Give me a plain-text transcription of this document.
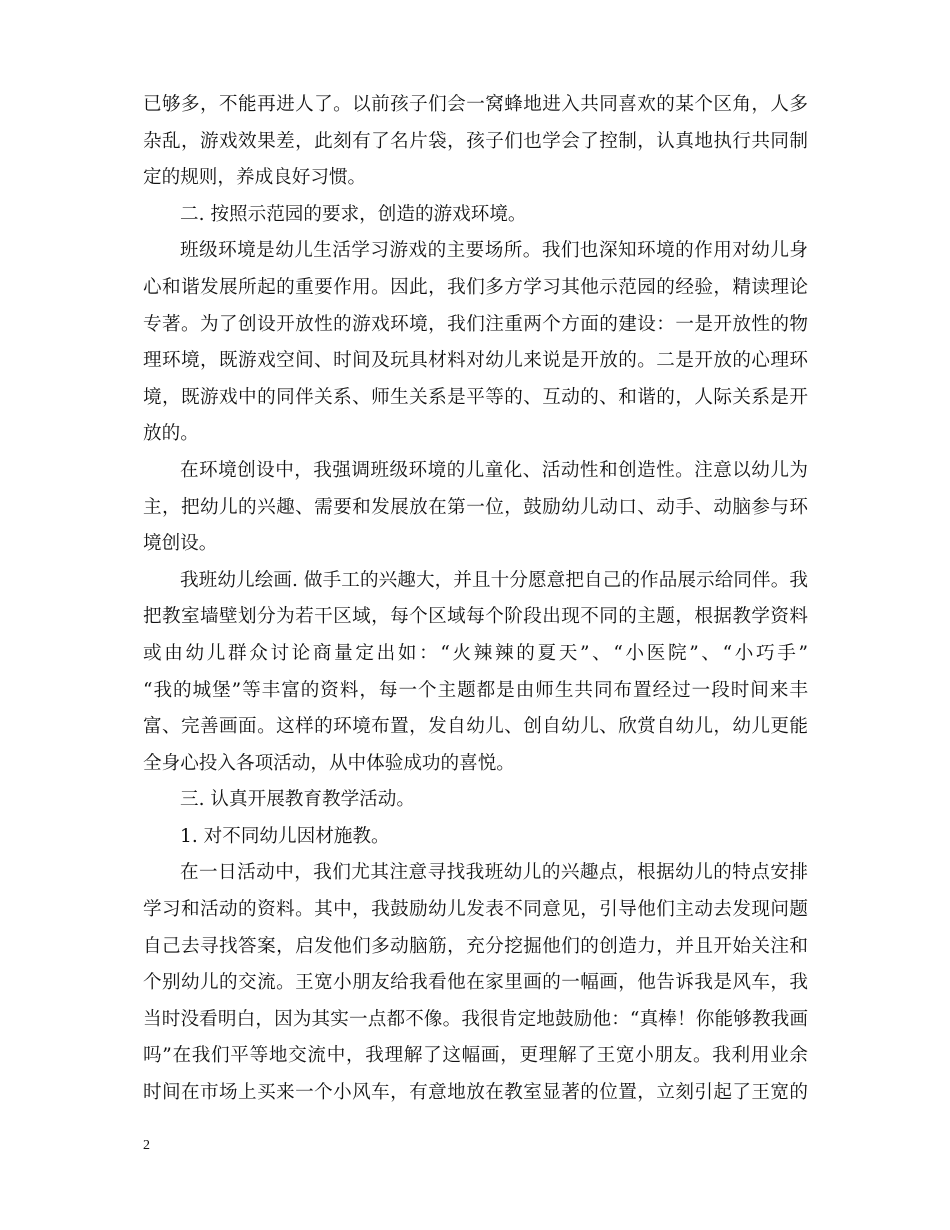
已够多，不能再进人了。以前孩子们会一窝蜂地进入共同喜欢的某个区角，人多
杂乱，游戏效果差，此刻有了名片袋，孩子们也学会了控制，认真地执行共同制
定的规则，养成良好习惯。
二. 按照示范园的要求，创造的游戏环境。
班级环境是幼儿生活学习游戏的主要场所。我们也深知环境的作用对幼儿身
心和谐发展所起的重要作用。因此，我们多方学习其他示范园的经验，精读理论
专著。为了创设开放性的游戏环境，我们注重两个方面的建设：一是开放性的物
理环境，既游戏空间、时间及玩具材料对幼儿来说是开放的。二是开放的心理环
境，既游戏中的同伴关系、师生关系是平等的、互动的、和谐的，人际关系是开
放的。
在环境创设中，我强调班级环境的儿童化、活动性和创造性。注意以幼儿为
主，把幼儿的兴趣、需要和发展放在第一位，鼓励幼儿动口、动手、动脑参与环
境创设。
我班幼儿绘画. 做手工的兴趣大，并且十分愿意把自己的作品展示给同伴。我
把教室墙壁划分为若干区域，每个区域每个阶段出现不同的主题，根据教学资料
或由幼儿群众讨论商量定出如：“火辣辣的夏天”、“小医院”、“小巧手”
“我的城堡”等丰富的资料，每一个主题都是由师生共同布置经过一段时间来丰
富、完善画面。这样的环境布置，发自幼儿、创自幼儿、欣赏自幼儿，幼儿更能
全身心投入各项活动，从中体验成功的喜悦。
三. 认真开展教育教学活动。
1. 对不同幼儿因材施教。
在一日活动中，我们尤其注意寻找我班幼儿的兴趣点，根据幼儿的特点安排
学习和活动的资料。其中，我鼓励幼儿发表不同意见，引导他们主动去发现问题
自己去寻找答案，启发他们多动脑筋，充分挖掘他们的创造力，并且开始关注和
个别幼儿的交流。王宽小朋友给我看他在家里画的一幅画，他告诉我是风车，我
当时没看明白，因为其实一点都不像。我很肯定地鼓励他：“真棒！你能够教我画
吗”在我们平等地交流中，我理解了这幅画，更理解了王宽小朋友。我利用业余
时间在市场上买来一个小风车，有意地放在教室显著的位置，立刻引起了王宽的
2
